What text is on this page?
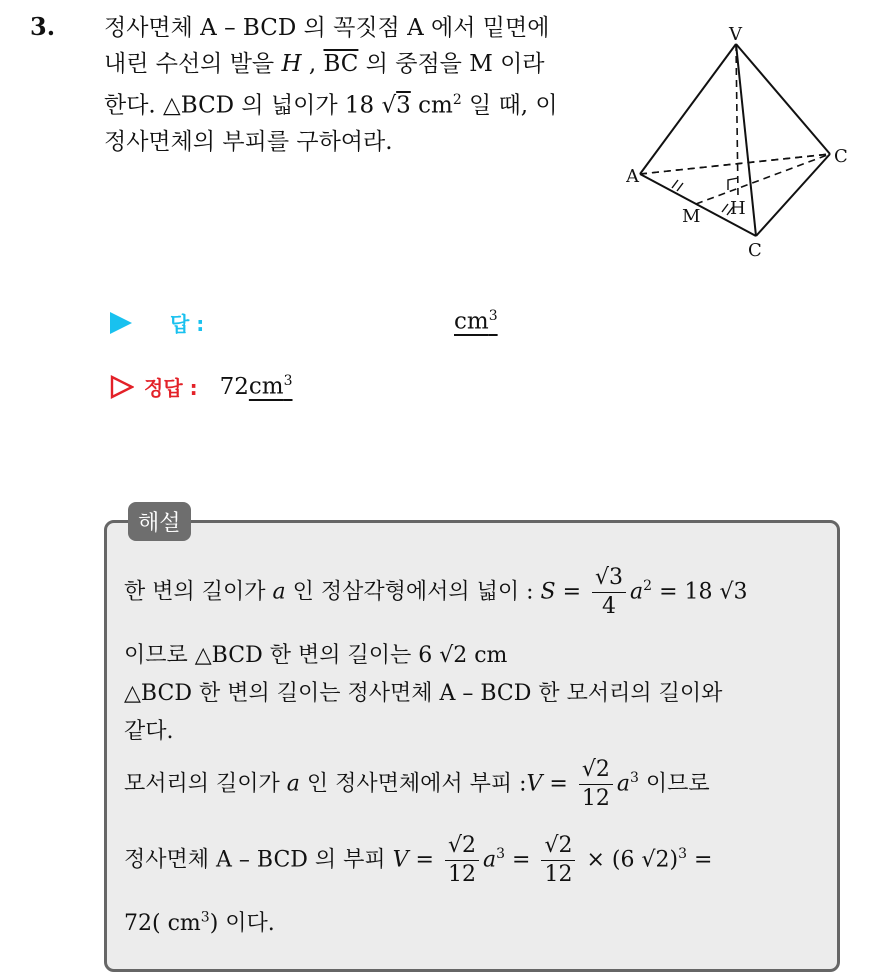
3. 정사면체 A – BCD 의 꼭짓점 A 에서 밑면에
내린 수선의 발을 H , $\overline{BC}$ 의 중점을 M 이라
한다. △BCD 의 넓이가 18 √3 $cm^2$ 일 때, 이
정사면체의 부피를 구하여라.
V
A
C
C
M H
답 :	$cm^3$
정답 : 72 $cm^3$
해설
한 변의 길이가 a 인 정삼각형에서의 넓이 : $S = \frac{√3}{4} a^2 = 18$ √3
이므로 △BCD 한 변의 길이는 6 √2 cm
△BCD 한 변의 길이는 정사면체 A – BCD 한 모서리의 길이와
같다.
모서리의 길이가 a 인 정사면체에서 부피 :V = $\frac{√2}{12} a^3$ 이므로
정사면체 A – BCD 의 부피 $V = \frac{√2}{12} a^3 = \frac{√2}{12} \times (6$ √2)$^3$ =
72( $cm^3$) 이다.
